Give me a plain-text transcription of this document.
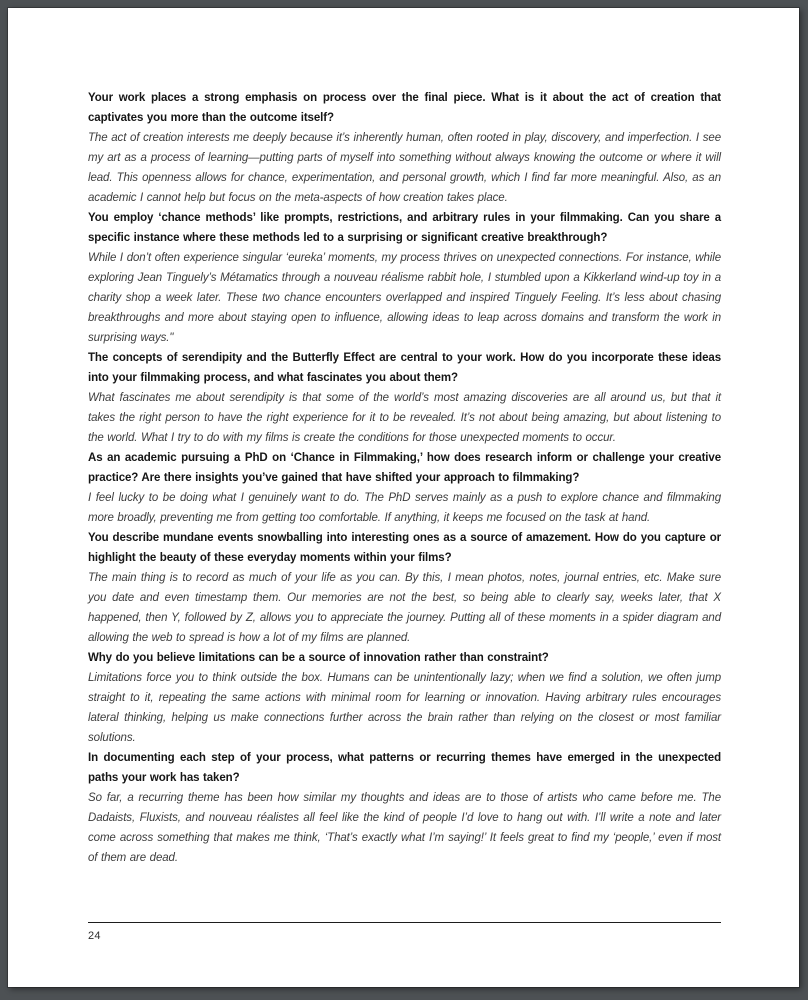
Your work places a strong emphasis on process over the final piece. What is it about the act of creation that captivates you more than the outcome itself?

The act of creation interests me deeply because it’s inherently human, often rooted in play, discovery, and imperfection. I see my art as a process of learning—putting parts of myself into something without always knowing the outcome or where it will lead. This openness allows for chance, experimentation, and personal growth, which I find far more meaningful. Also, as an academic I cannot help but focus on the meta-aspects of how creation takes place.

You employ ‘chance methods’ like prompts, restrictions, and arbitrary rules in your filmmaking. Can you share a specific instance where these methods led to a surprising or significant creative breakthrough?

While I don’t often experience singular ‘eureka’ moments, my process thrives on unexpected connections. For instance, while exploring Jean Tinguely’s Métamatics through a nouveau réalisme rabbit hole, I stumbled upon a Kikkerland wind-up toy in a charity shop a week later. These two chance encounters overlapped and inspired Tinguely Feeling. It’s less about chasing breakthroughs and more about staying open to influence, allowing ideas to leap across domains and transform the work in surprising ways."

The concepts of serendipity and the Butterfly Effect are central to your work. How do you incorporate these ideas into your filmmaking process, and what fascinates you about them?

What fascinates me about serendipity is that some of the world’s most amazing discoveries are all around us, but that it takes the right person to have the right experience for it to be revealed. It’s not about being amazing, but about listening to the world. What I try to do with my films is create the conditions for those unexpected moments to occur.

As an academic pursuing a PhD on ‘Chance in Filmmaking,’ how does research inform or challenge your creative practice? Are there insights you’ve gained that have shifted your approach to filmmaking?

I feel lucky to be doing what I genuinely want to do. The PhD serves mainly as a push to explore chance and filmmaking more broadly, preventing me from getting too comfortable. If anything, it keeps me focused on the task at hand.

You describe mundane events snowballing into interesting ones as a source of amazement. How do you capture or highlight the beauty of these everyday moments within your films?

The main thing is to record as much of your life as you can. By this, I mean photos, notes, journal entries, etc. Make sure you date and even timestamp them. Our memories are not the best, so being able to clearly say, weeks later, that X happened, then Y, followed by Z, allows you to appreciate the journey. Putting all of these moments in a spider diagram and allowing the web to spread is how a lot of my films are planned.

Why do you believe limitations can be a source of innovation rather than constraint?

Limitations force you to think outside the box. Humans can be unintentionally lazy; when we find a solution, we often jump straight to it, repeating the same actions with minimal room for learning or innovation. Having arbitrary rules encourages lateral thinking, helping us make connections further across the brain rather than relying on the closest or most familiar solutions.

In documenting each step of your process, what patterns or recurring themes have emerged in the unexpected paths your work has taken?

So far, a recurring theme has been how similar my thoughts and ideas are to those of artists who came before me. The Dadaists, Fluxists, and nouveau réalistes all feel like the kind of people I’d love to hang out with. I’ll write a note and later come across something that makes me think, ‘That’s exactly what I’m saying!’ It feels great to find my ‘people,’ even if most of them are dead.

24
